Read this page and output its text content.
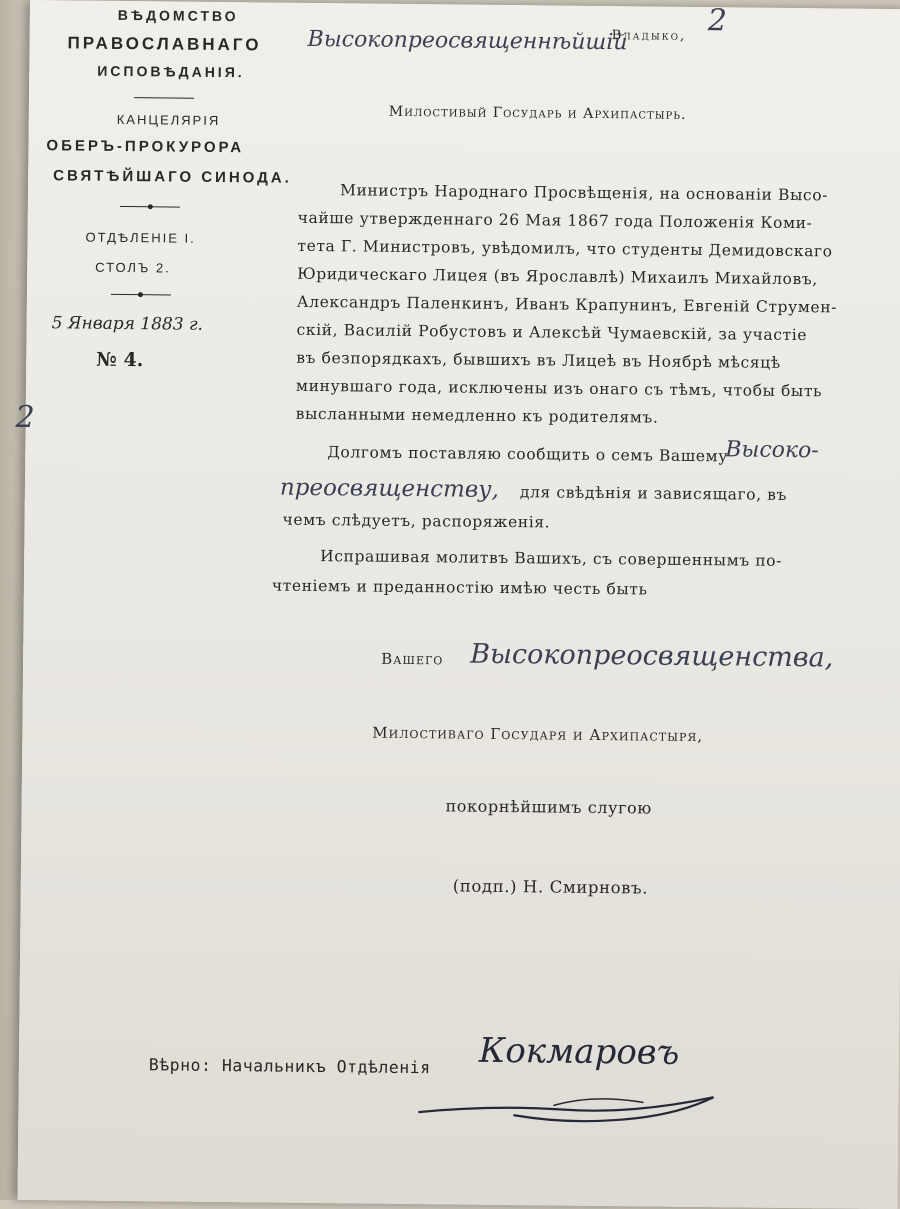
2
ВѢДОМСТВО
ПРАВОСЛАВНАГО
ИСПОВѢДАНІЯ.
КАНЦЕЛЯРІЯ
ОБЕРЪ-ПРОКУРОРА
СВЯТѢЙШАГО СИНОДА.
ОТДѢЛЕНІЕ I.
СТОЛЪ 2.
5 Января 1883 г.
№ 4.
Высокопреосвященнѣйшій
Владыко, 2
Милостивый Государь и Архипастырь.
Министръ Народнаго Просвѣщенія, на основаніи Высо-
чайше утвержденнаго 26 Мая 1867 года Положенія Коми-
тета Г. Министровъ, увѣдомилъ, что студенты Демидовскаго
Юридическаго Лицея (въ Ярославлѣ) Михаилъ Михайловъ,
Александръ Паленкинъ, Иванъ Крапунинъ, Евгеній Струмен-
скій, Василій Робустовъ и Алексѣй Чумаевскій, за участіе
въ безпорядкахъ, бывшихъ въ Лицеѣ въ Ноябрѣ мѣсяцѣ
минувшаго года, исключены изъ онаго съ тѣмъ, чтобы быть
высланными немедленно къ родителямъ.
Долгомъ поставляю сообщить о семъ Вашему
Высоко-
преосвященству, для свѣдѣнія и зависящаго, въ
чемъ слѣдуетъ, распоряженія.
Испрашивая молитвъ Вашихъ, съ совершеннымъ по-
чтеніемъ и преданностію имѣю честь быть
Вашего Высокопреосвященства,
Милостиваго Государя и Архипастыря,
покорнѣйшимъ слугою
(подп.) Н. Смирновъ.
Вѣрно: Начальникъ Отдѣленія Кокмаровъ
